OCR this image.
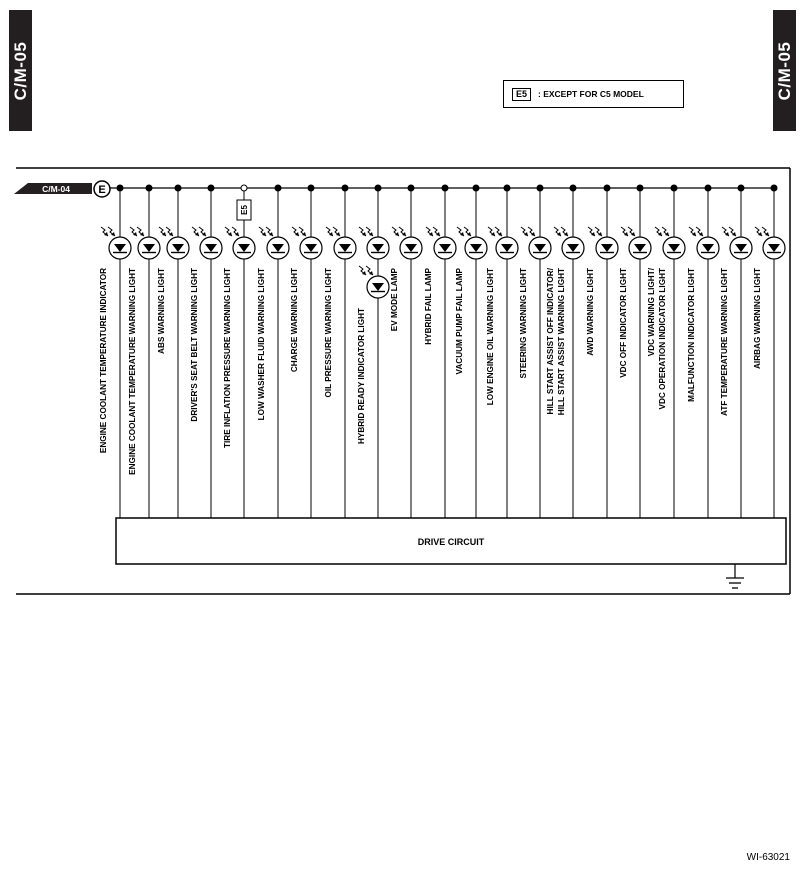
C/M-05	C/M-05
E5	: EXCEPT FOR C5 MODEL
C/M-04	E
ENGINE COOLANT TEMPERATURE INDICATOR ENGINE COOLANT TEMPERATURE WARNING LIGHT ABS WARNING LIGHT	DRIVER'S SEAT BELT WARNING LIGHT
E5
TIRE INFLATION PRESSURE WARNING LIGHT	LOW WASHER FLUID WARNING LIGHT	CHARGE WARNING LIGHT	OIL PRESSURE WARNING LIGHT	HYBRID READY INDICATOR LIGHT
EV MODE LAMP	HYBRID FAIL LAMP	VACUUM PUMP FAIL LAMP	LOW ENGINE OIL WARNING LIGHT	STEERING WARNING LIGHT HILL START ASSIST OFF INDICATOR/ HILL START ASSIST WARNING LIGHT AWD WARNING LIGHT	VDC OFF INDICATOR LIGHT VDC WARNING LIGHT/ VDC OPERATION INDICATOR LIGHT MALFUNCTION INDICATOR LIGHT	ATF TEMPERATURE WARNING LIGHT	AIRBAG WARNING LIGHT
DRIVE CIRCUIT
WI-63021
